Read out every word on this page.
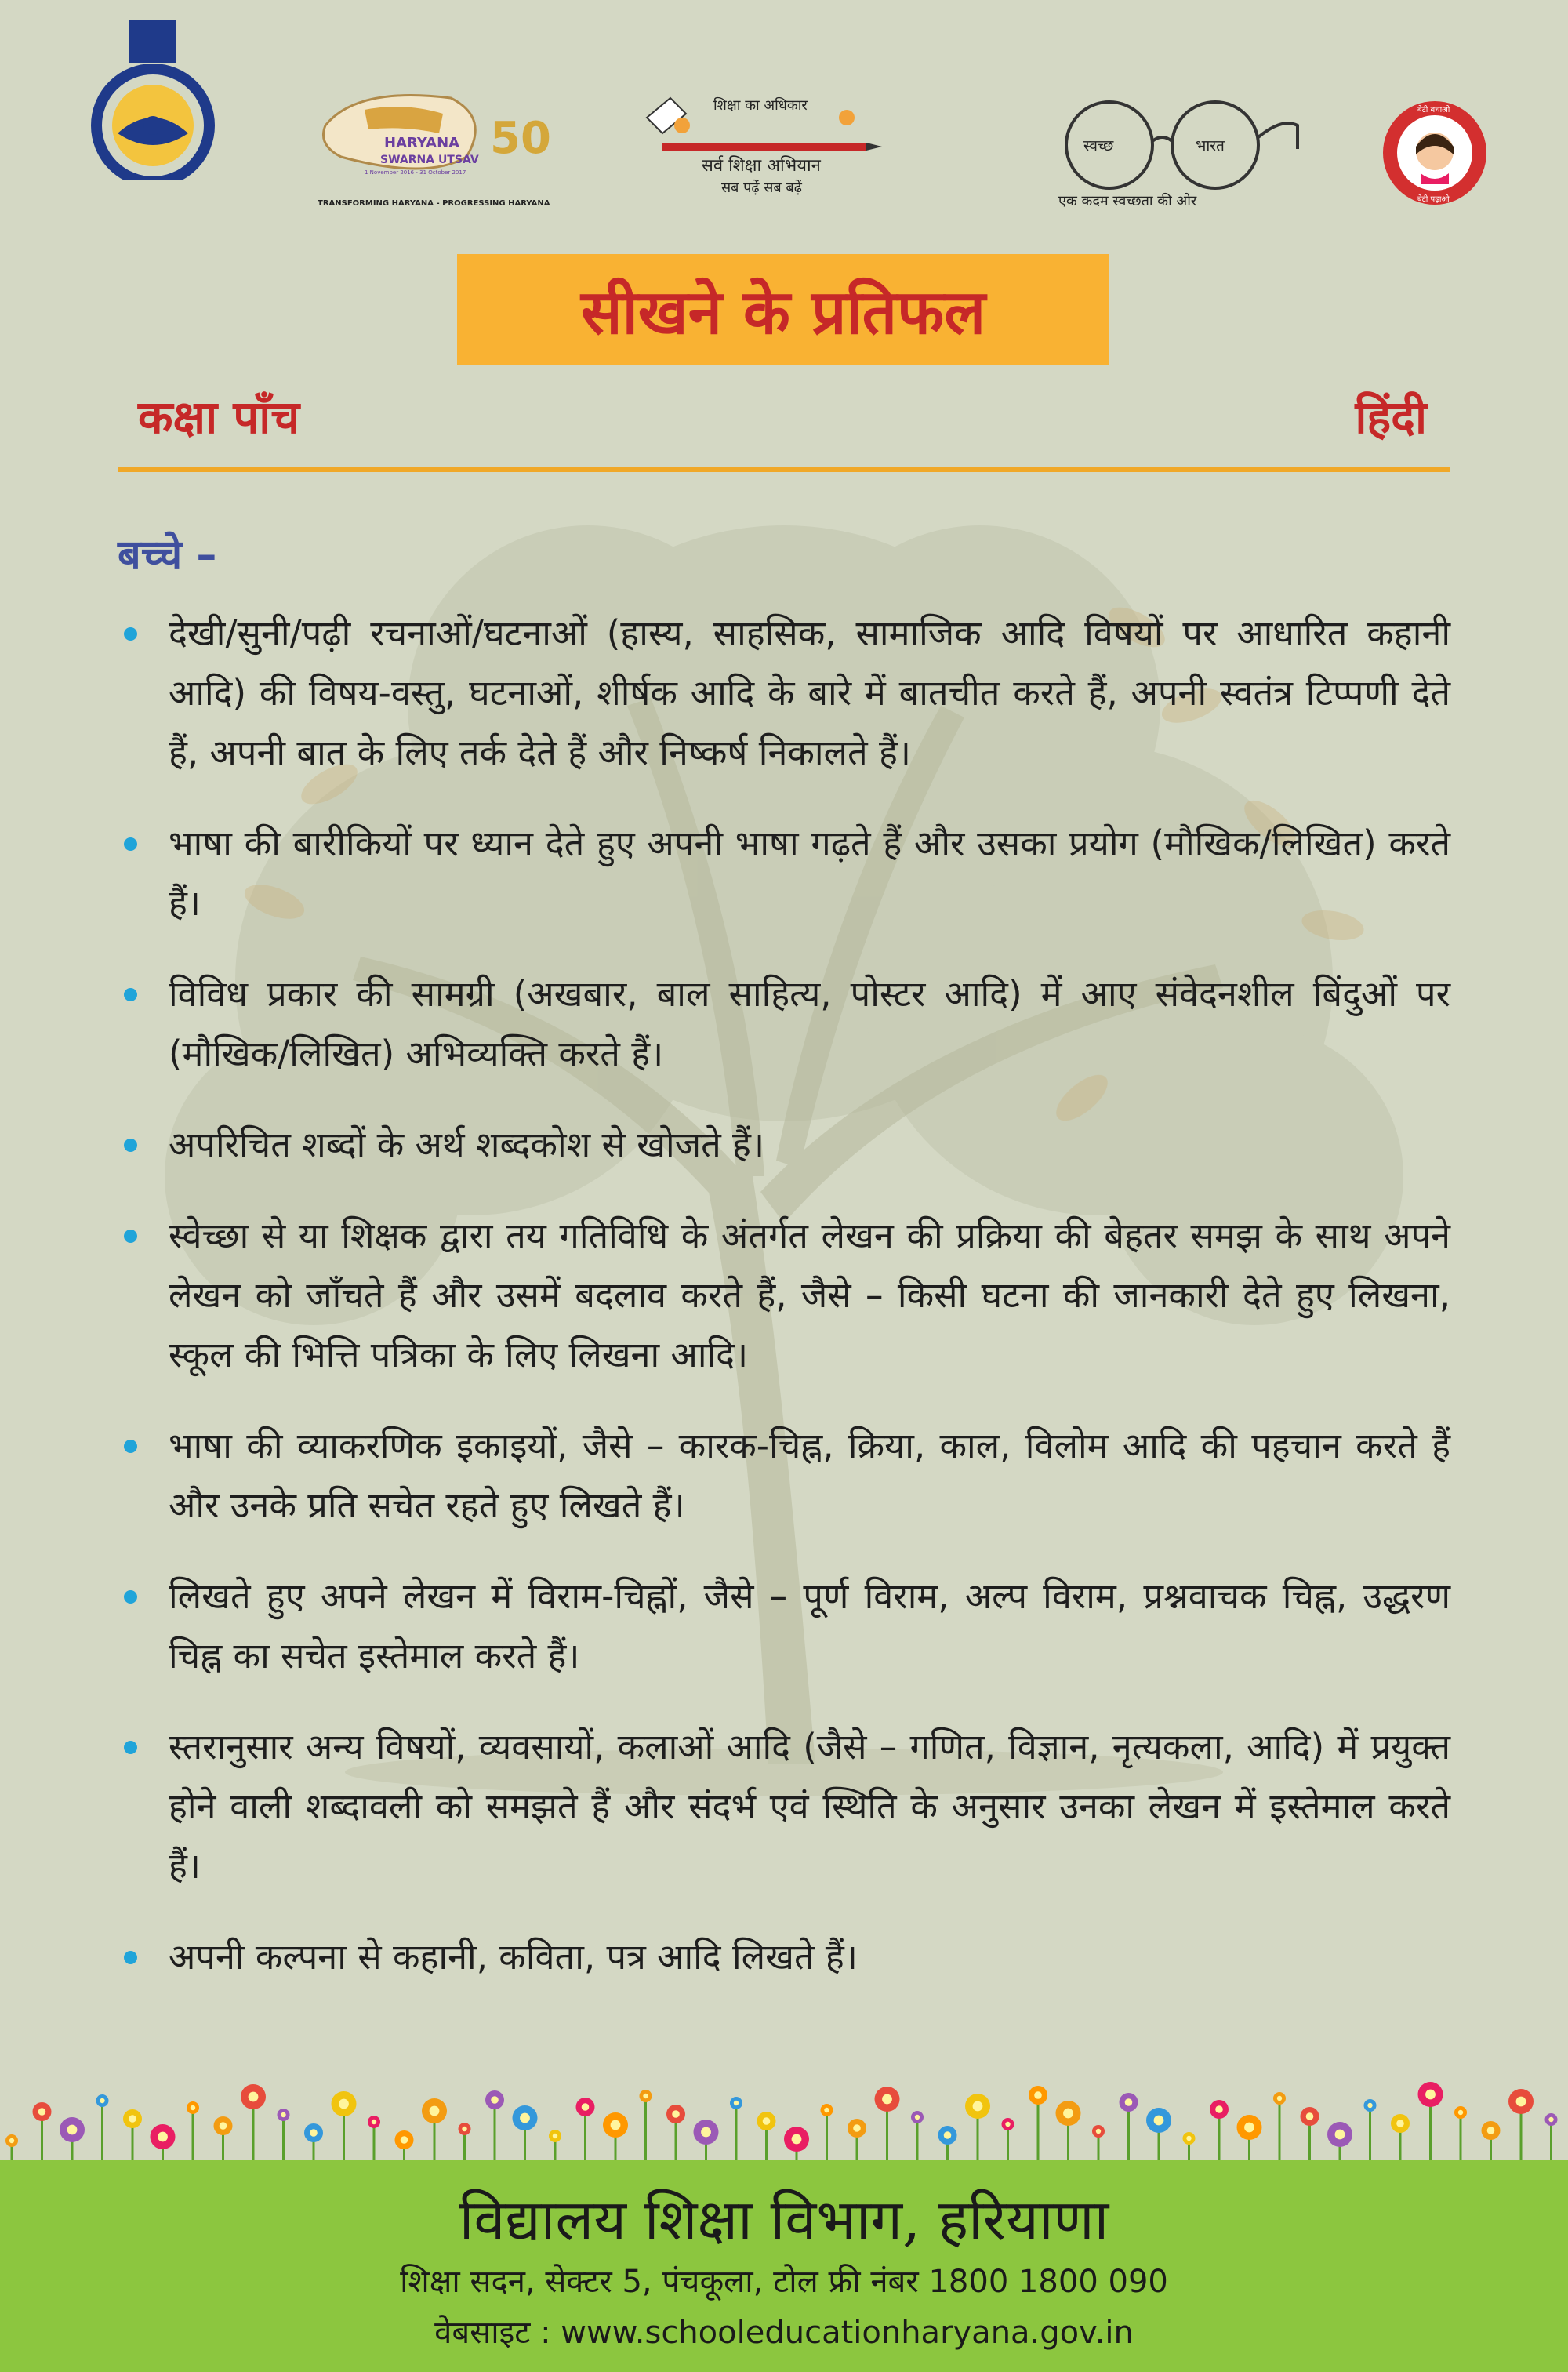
HARYANA
SWARNA UTSAV
1 November 2016 - 31 October 2017
50
TRANSFORMING HARYANA - PROGRESSING HARYANA
शिक्षा का अधिकार
सर्व शिक्षा अभियान
सब पढ़ें सब बढ़ें
स्वच्छ	भारत
एक कदम स्वच्छता की ओर
बेटी बचाओ
बेटी पढ़ाओ
सीखने के प्रतिफल
कक्षा पाँच	हिंदी
बच्चे –
देखी/सुनी/पढ़ी रचनाओं/घटनाओं (हास्य, साहसिक, सामाजिक आदि विषयों पर आधारित कहानी आदि) की विषय-वस्तु, घटनाओं, शीर्षक आदि के बारे में बातचीत करते हैं, अपनी स्वतंत्र टिप्पणी देते हैं, अपनी बात के लिए तर्क देते हैं और निष्कर्ष निकालते हैं।
भाषा की बारीकियों पर ध्यान देते हुए अपनी भाषा गढ़ते हैं और उसका प्रयोग (मौखिक/लिखित) करते हैं।
विविध प्रकार की सामग्री (अखबार, बाल साहित्य, पोस्टर आदि) में आए संवेदनशील बिंदुओं पर (मौखिक/लिखित) अभिव्यक्ति करते हैं।
अपरिचित शब्दों के अर्थ शब्दकोश से खोजते हैं।
स्वेच्छा से या शिक्षक द्वारा तय गतिविधि के अंतर्गत लेखन की प्रक्रिया की बेहतर समझ के साथ अपने लेखन को जाँचते हैं और उसमें बदलाव करते हैं, जैसे – किसी घटना की जानकारी देते हुए लिखना, स्कूल की भित्ति पत्रिका के लिए लिखना आदि।
भाषा की व्याकरणिक इकाइयों, जैसे – कारक-चिह्न, क्रिया, काल, विलोम आदि की पहचान करते हैं और उनके प्रति सचेत रहते हुए लिखते हैं।
लिखते हुए अपने लेखन में विराम-चिह्नों, जैसे – पूर्ण विराम, अल्प विराम, प्रश्नवाचक चिह्न, उद्धरण चिह्न का सचेत इस्तेमाल करते हैं।
स्तरानुसार अन्य विषयों, व्यवसायों, कलाओं आदि (जैसे – गणित, विज्ञान, नृत्यकला, आदि) में प्रयुक्त होने वाली शब्दावली को समझते हैं और संदर्भ एवं स्थिति के अनुसार उनका लेखन में इस्तेमाल करते हैं।
अपनी कल्पना से कहानी, कविता, पत्र आदि लिखते हैं।
विद्यालय शिक्षा विभाग, हरियाणा
शिक्षा सदन, सेक्टर 5, पंचकूला, टोल फ्री नंबर 1800 1800 090
वेबसाइट : www.schooleducationharyana.gov.in
